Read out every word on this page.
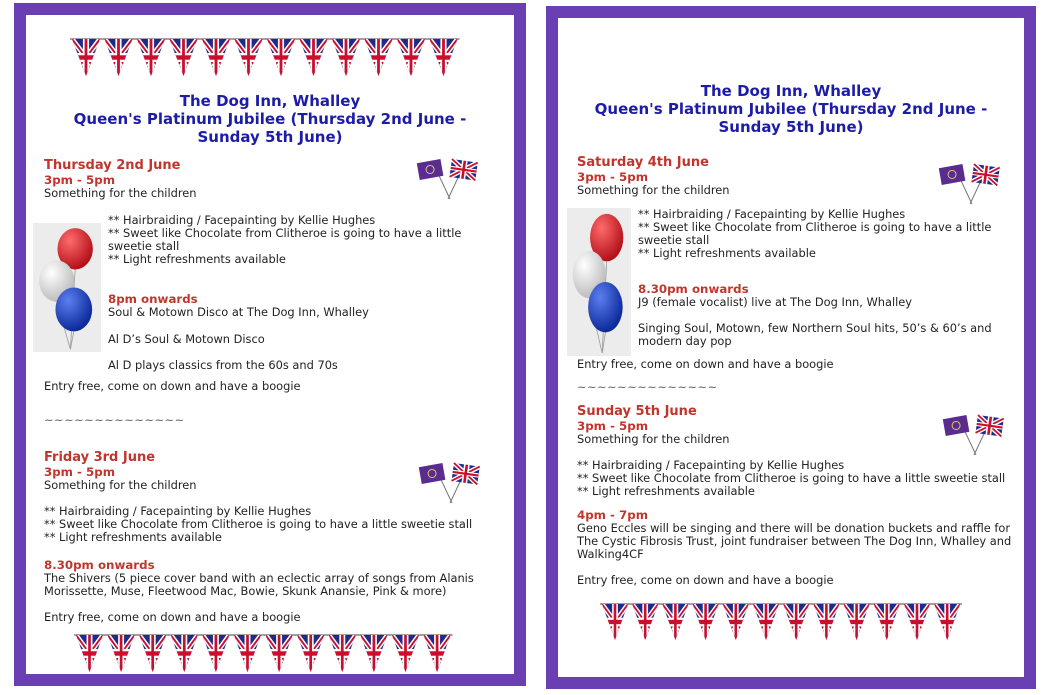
The Dog Inn, Whalley
Queen's Platinum Jubilee (Thursday 2nd June -
Sunday 5th June)
Thursday 2nd June
3pm - 5pm
Something for the children
** Hairbraiding / Facepainting by Kellie Hughes
** Sweet like Chocolate from Clitheroe is going to have a little
sweetie stall
** Light refreshments available
8pm onwards
Soul & Motown Disco at The Dog Inn, Whalley
Al D’s Soul & Motown Disco
Al D plays classics from the 60s and 70s
Entry free, come on down and have a boogie
~~~~~~~~~~~~~~
Friday 3rd June
3pm - 5pm
Something for the children
** Hairbraiding / Facepainting by Kellie Hughes
** Sweet like Chocolate from Clitheroe is going to have a little sweetie stall
** Light refreshments available
8.30pm onwards
The Shivers (5 piece cover band with an eclectic array of songs from Alanis
Morissette, Muse, Fleetwood Mac, Bowie, Skunk Anansie, Pink & more)
Entry free, come on down and have a boogie
The Dog Inn, Whalley
Queen's Platinum Jubilee (Thursday 2nd June -
Sunday 5th June)
Saturday 4th June
3pm - 5pm
Something for the children
** Hairbraiding / Facepainting by Kellie Hughes
** Sweet like Chocolate from Clitheroe is going to have a little
sweetie stall
** Light refreshments available
8.30pm onwards
J9 (female vocalist) live at The Dog Inn, Whalley
Singing Soul, Motown, few Northern Soul hits, 50’s & 60’s and
modern day pop
Entry free, come on down and have a boogie
~~~~~~~~~~~~~~
Sunday 5th June
3pm - 5pm
Something for the children
** Hairbraiding / Facepainting by Kellie Hughes
** Sweet like Chocolate from Clitheroe is going to have a little sweetie stall
** Light refreshments available
4pm - 7pm
Geno Eccles will be singing and there will be donation buckets and raffle for
The Cystic Fibrosis Trust, joint fundraiser between The Dog Inn, Whalley and
Walking4CF
Entry free, come on down and have a boogie
